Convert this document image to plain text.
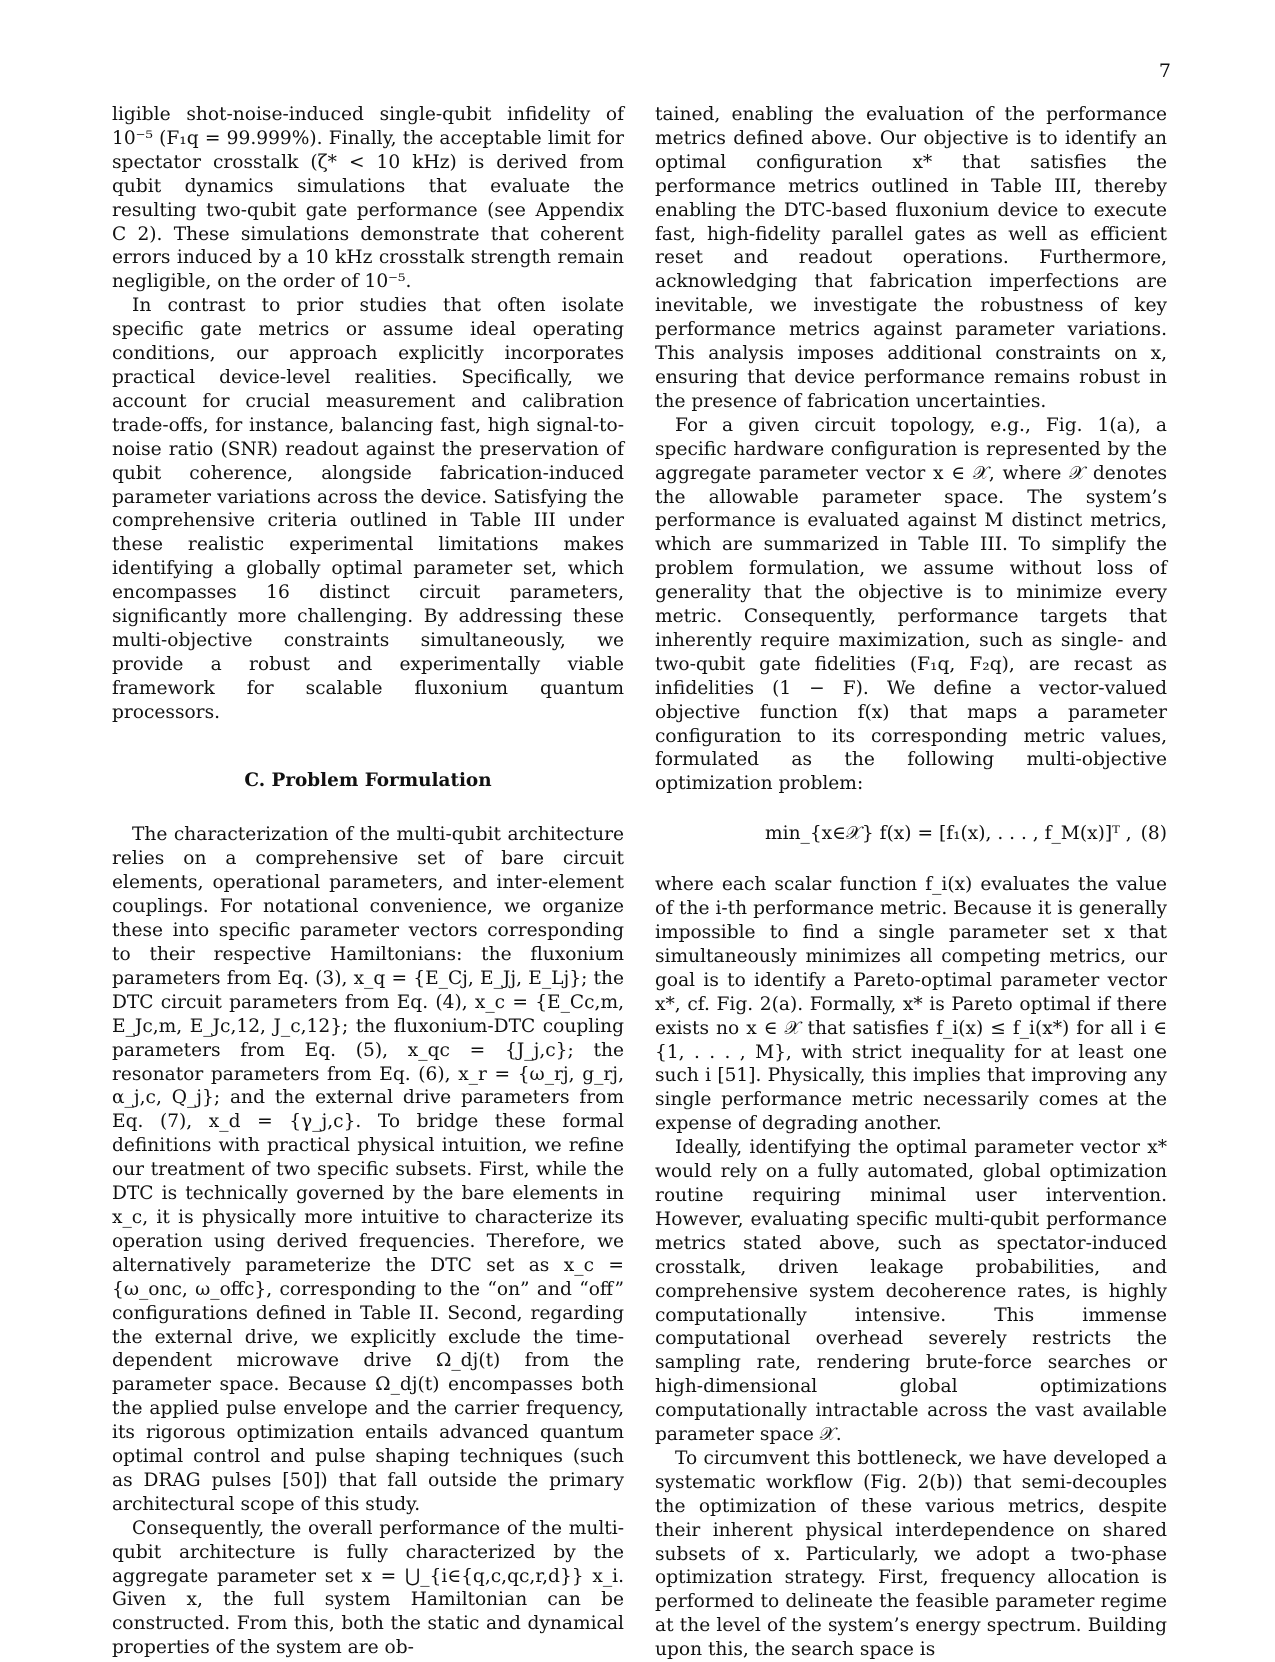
7

ligible shot-noise-induced single-qubit infidelity of 10⁻⁵ (F₁q = 99.999%). Finally, the acceptable limit for spectator crosstalk (ζ* < 10 kHz) is derived from qubit dynamics simulations that evaluate the resulting two-qubit gate performance (see Appendix C 2). These simulations demonstrate that coherent errors induced by a 10 kHz crosstalk strength remain negligible, on the order of 10⁻⁵.

In contrast to prior studies that often isolate specific gate metrics or assume ideal operating conditions, our approach explicitly incorporates practical device-level realities. Specifically, we account for crucial measurement and calibration trade-offs, for instance, balancing fast, high signal-to-noise ratio (SNR) readout against the preservation of qubit coherence, alongside fabrication-induced parameter variations across the device. Satisfying the comprehensive criteria outlined in Table III under these realistic experimental limitations makes identifying a globally optimal parameter set, which encompasses 16 distinct circuit parameters, significantly more challenging. By addressing these multi-objective constraints simultaneously, we provide a robust and experimentally viable framework for scalable fluxonium quantum processors.

C. Problem Formulation

The characterization of the multi-qubit architecture relies on a comprehensive set of bare circuit elements, operational parameters, and inter-element couplings. For notational convenience, we organize these into specific parameter vectors corresponding to their respective Hamiltonians: the fluxonium parameters from Eq. (3), x_q = {E_Cj, E_Jj, E_Lj}; the DTC circuit parameters from Eq. (4), x_c = {E_Cc,m, E_Jc,m, E_Jc,12, J_c,12}; the fluxonium-DTC coupling parameters from Eq. (5), x_qc = {J_j,c}; the resonator parameters from Eq. (6), x_r = {ω_rj, g_rj, α_j,c, Q_j}; and the external drive parameters from Eq. (7), x_d = {γ_j,c}. To bridge these formal definitions with practical physical intuition, we refine our treatment of two specific subsets. First, while the DTC is technically governed by the bare elements in x_c, it is physically more intuitive to characterize its operation using derived frequencies. Therefore, we alternatively parameterize the DTC set as x_c = {ω_onc, ω_offc}, corresponding to the “on” and “off” configurations defined in Table II. Second, regarding the external drive, we explicitly exclude the time-dependent microwave drive Ω_dj(t) from the parameter space. Because Ω_dj(t) encompasses both the applied pulse envelope and the carrier frequency, its rigorous optimization entails advanced quantum optimal control and pulse shaping techniques (such as DRAG pulses [50]) that fall outside the primary architectural scope of this study.

Consequently, the overall performance of the multi-qubit architecture is fully characterized by the aggregate parameter set x = ⋃_{i∈{q,c,qc,r,d}} x_i. Given x, the full system Hamiltonian can be constructed. From this, both the static and dynamical properties of the system are ob-

tained, enabling the evaluation of the performance metrics defined above. Our objective is to identify an optimal configuration x* that satisfies the performance metrics outlined in Table III, thereby enabling the DTC-based fluxonium device to execute fast, high-fidelity parallel gates as well as efficient reset and readout operations. Furthermore, acknowledging that fabrication imperfections are inevitable, we investigate the robustness of key performance metrics against parameter variations. This analysis imposes additional constraints on x, ensuring that device performance remains robust in the presence of fabrication uncertainties.

For a given circuit topology, e.g., Fig. 1(a), a specific hardware configuration is represented by the aggregate parameter vector x ∈ 𝒳, where 𝒳 denotes the allowable parameter space. The system’s performance is evaluated against M distinct metrics, which are summarized in Table III. To simplify the problem formulation, we assume without loss of generality that the objective is to minimize every metric. Consequently, performance targets that inherently require maximization, such as single- and two-qubit gate fidelities (F₁q, F₂q), are recast as infidelities (1 − F). We define a vector-valued objective function f(x) that maps a parameter configuration to its corresponding metric values, formulated as the following multi-objective optimization problem:

min_{x∈𝒳} f(x) = [f₁(x), . . . , f_M(x)]ᵀ , (8)

where each scalar function f_i(x) evaluates the value of the i-th performance metric. Because it is generally impossible to find a single parameter set x that simultaneously minimizes all competing metrics, our goal is to identify a Pareto-optimal parameter vector x*, cf. Fig. 2(a). Formally, x* is Pareto optimal if there exists no x ∈ 𝒳 that satisfies f_i(x) ≤ f_i(x*) for all i ∈ {1, . . . , M}, with strict inequality for at least one such i [51]. Physically, this implies that improving any single performance metric necessarily comes at the expense of degrading another.

Ideally, identifying the optimal parameter vector x* would rely on a fully automated, global optimization routine requiring minimal user intervention. However, evaluating specific multi-qubit performance metrics stated above, such as spectator-induced crosstalk, driven leakage probabilities, and comprehensive system decoherence rates, is highly computationally intensive. This immense computational overhead severely restricts the sampling rate, rendering brute-force searches or high-dimensional global optimizations computationally intractable across the vast available parameter space 𝒳.

To circumvent this bottleneck, we have developed a systematic workflow (Fig. 2(b)) that semi-decouples the optimization of these various metrics, despite their inherent physical interdependence on shared subsets of x. Particularly, we adopt a two-phase optimization strategy. First, frequency allocation is performed to delineate the feasible parameter regime at the level of the system’s energy spectrum. Building upon this, the search space is
